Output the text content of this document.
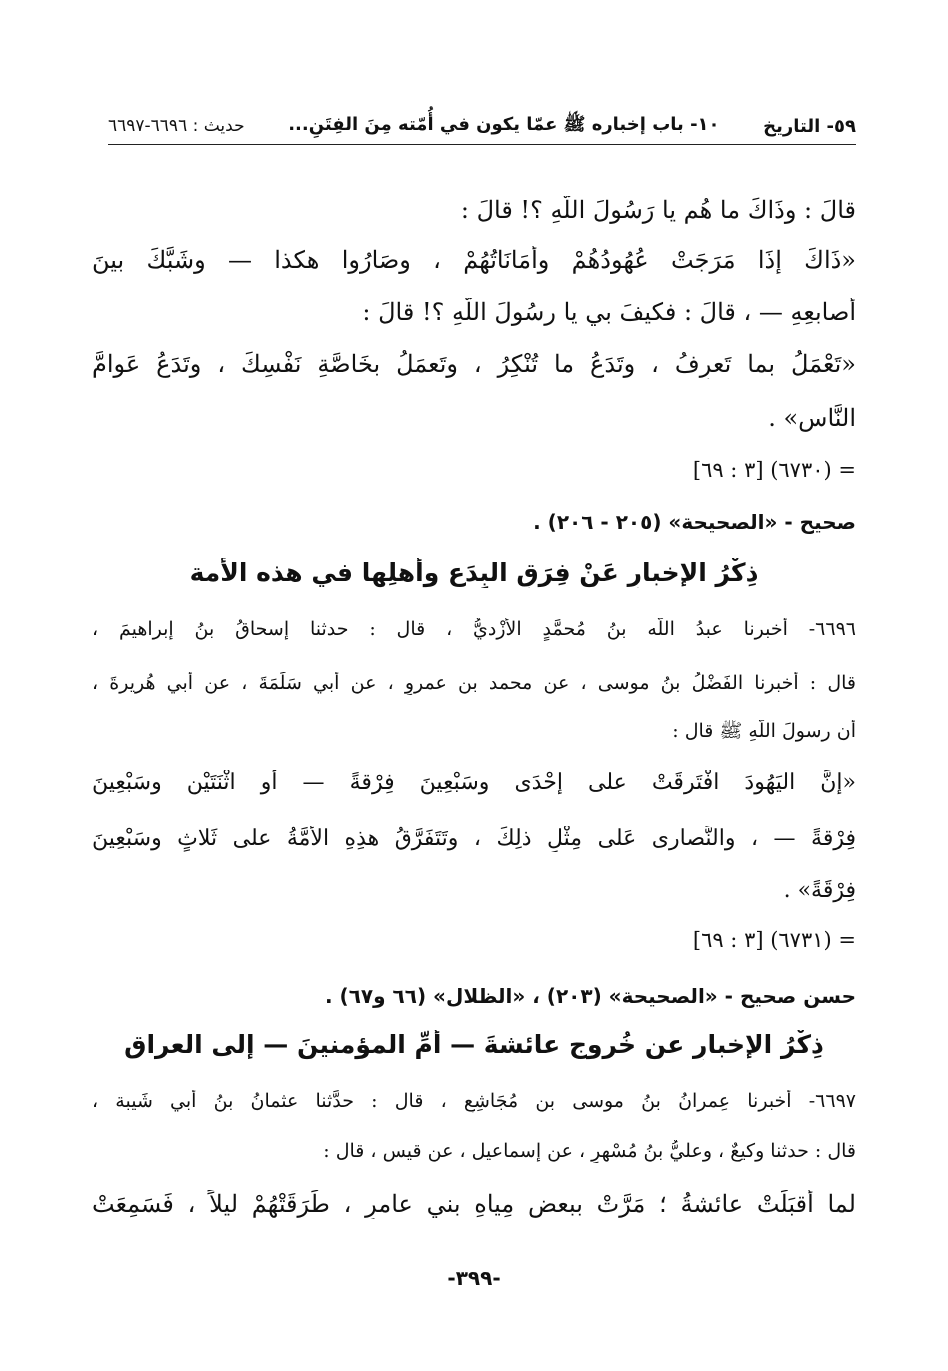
٥٩- التاريخ
١٠- باب إخباره ﷺ عمّا يكون في أُمّته مِنَ الفِتَنِ...
حديث : ٦٦٩٦-٦٦٩٧
قالَ : وذَاكَ ما هُم يا رَسُولَ اللّهِ ؟! قالَ :
«ذَاكَ إذَا مَرَجَتْ عُهُودُهُمْ وأَمَانَاتُهُمْ ، وصَارُوا هكذا — وشَبَّكَ بينَ
أَصابعِهِ — ، قالَ : فكيفَ بي يا رسُولَ اللّهِ ؟! قالَ :
«تَعْمَلُ بما تَعرِفُ ، وتَدَعُ ما تُنْكِرُ ، وتَعمَلُ بخَاصَّةِ نَفْسِكَ ، وتَدَعُ عَوامَّ
النَّاسِ» .
= (٦٧٣٠) [٣ : ٦٩]
صحيح - «الصحيحة» (٢٠٥ - ٢٠٦) .
ذِكْرُ الإخبارِ عَنْ فِرَقِ البِدَعِ وأَهلِها في هذه الأمة
٦٦٩٦- أخبرنا عبدُ اللّه بنُ مُحمَّدٍ الأَزْديُّ ، قال : حدثنا إسحاقُ بنُ إبراهيمَ ،
قال : أخبرنا الفَضْلُ بنُ موسى ، عن محمد بن عمروٍ ، عن أبي سَلَمَةَ ، عن أبي هُريرةَ ،
أن رسولَ اللّهِ ﷺ قال :
«إنَّ اليَهُودَ افْتَرقَتْ على إحْدَى وسَبْعِينَ فِرْقةً — أو اثْنَتَيْنِ وسَبْعِينَ
فِرْقةً — ، والنَّصارى عَلى مِثْلِ ذلِكَ ، وتَتَفَرَّقُ هذِهِ الأُمَّةُ على ثَلاثٍ وسَبْعِينَ
فِرْقَةً» .
= (٦٧٣١) [٣ : ٦٩]
حسن صحيح - «الصحيحة» (٢٠٣) ، «الظلال» (٦٦ و٦٧) .
ذِكْرُ الإخبارِ عن خُروجِ عائشةَ — أمِّ المؤمنينَ — إلى العراق
٦٦٩٧- أخبرنا عِمرانُ بنُ موسى بن مُجَاشِعٍ ، قال : حدَّثنا عثمانُ بنُ أبي شَيبة ،
قال : حدثنا وكيعٌ ، وعليُّ بنُ مُسْهِرٍ ، عن إسماعيل ، عن قيس ، قال :
لما أَقبَلَتْ عائشةُ ؛ مَرَّتْ ببعضِ مِياهِ بني عامرٍ ، طَرَقَتْهُمْ ليلاً ، فَسَمِعَتْ
-٣٩٩-
